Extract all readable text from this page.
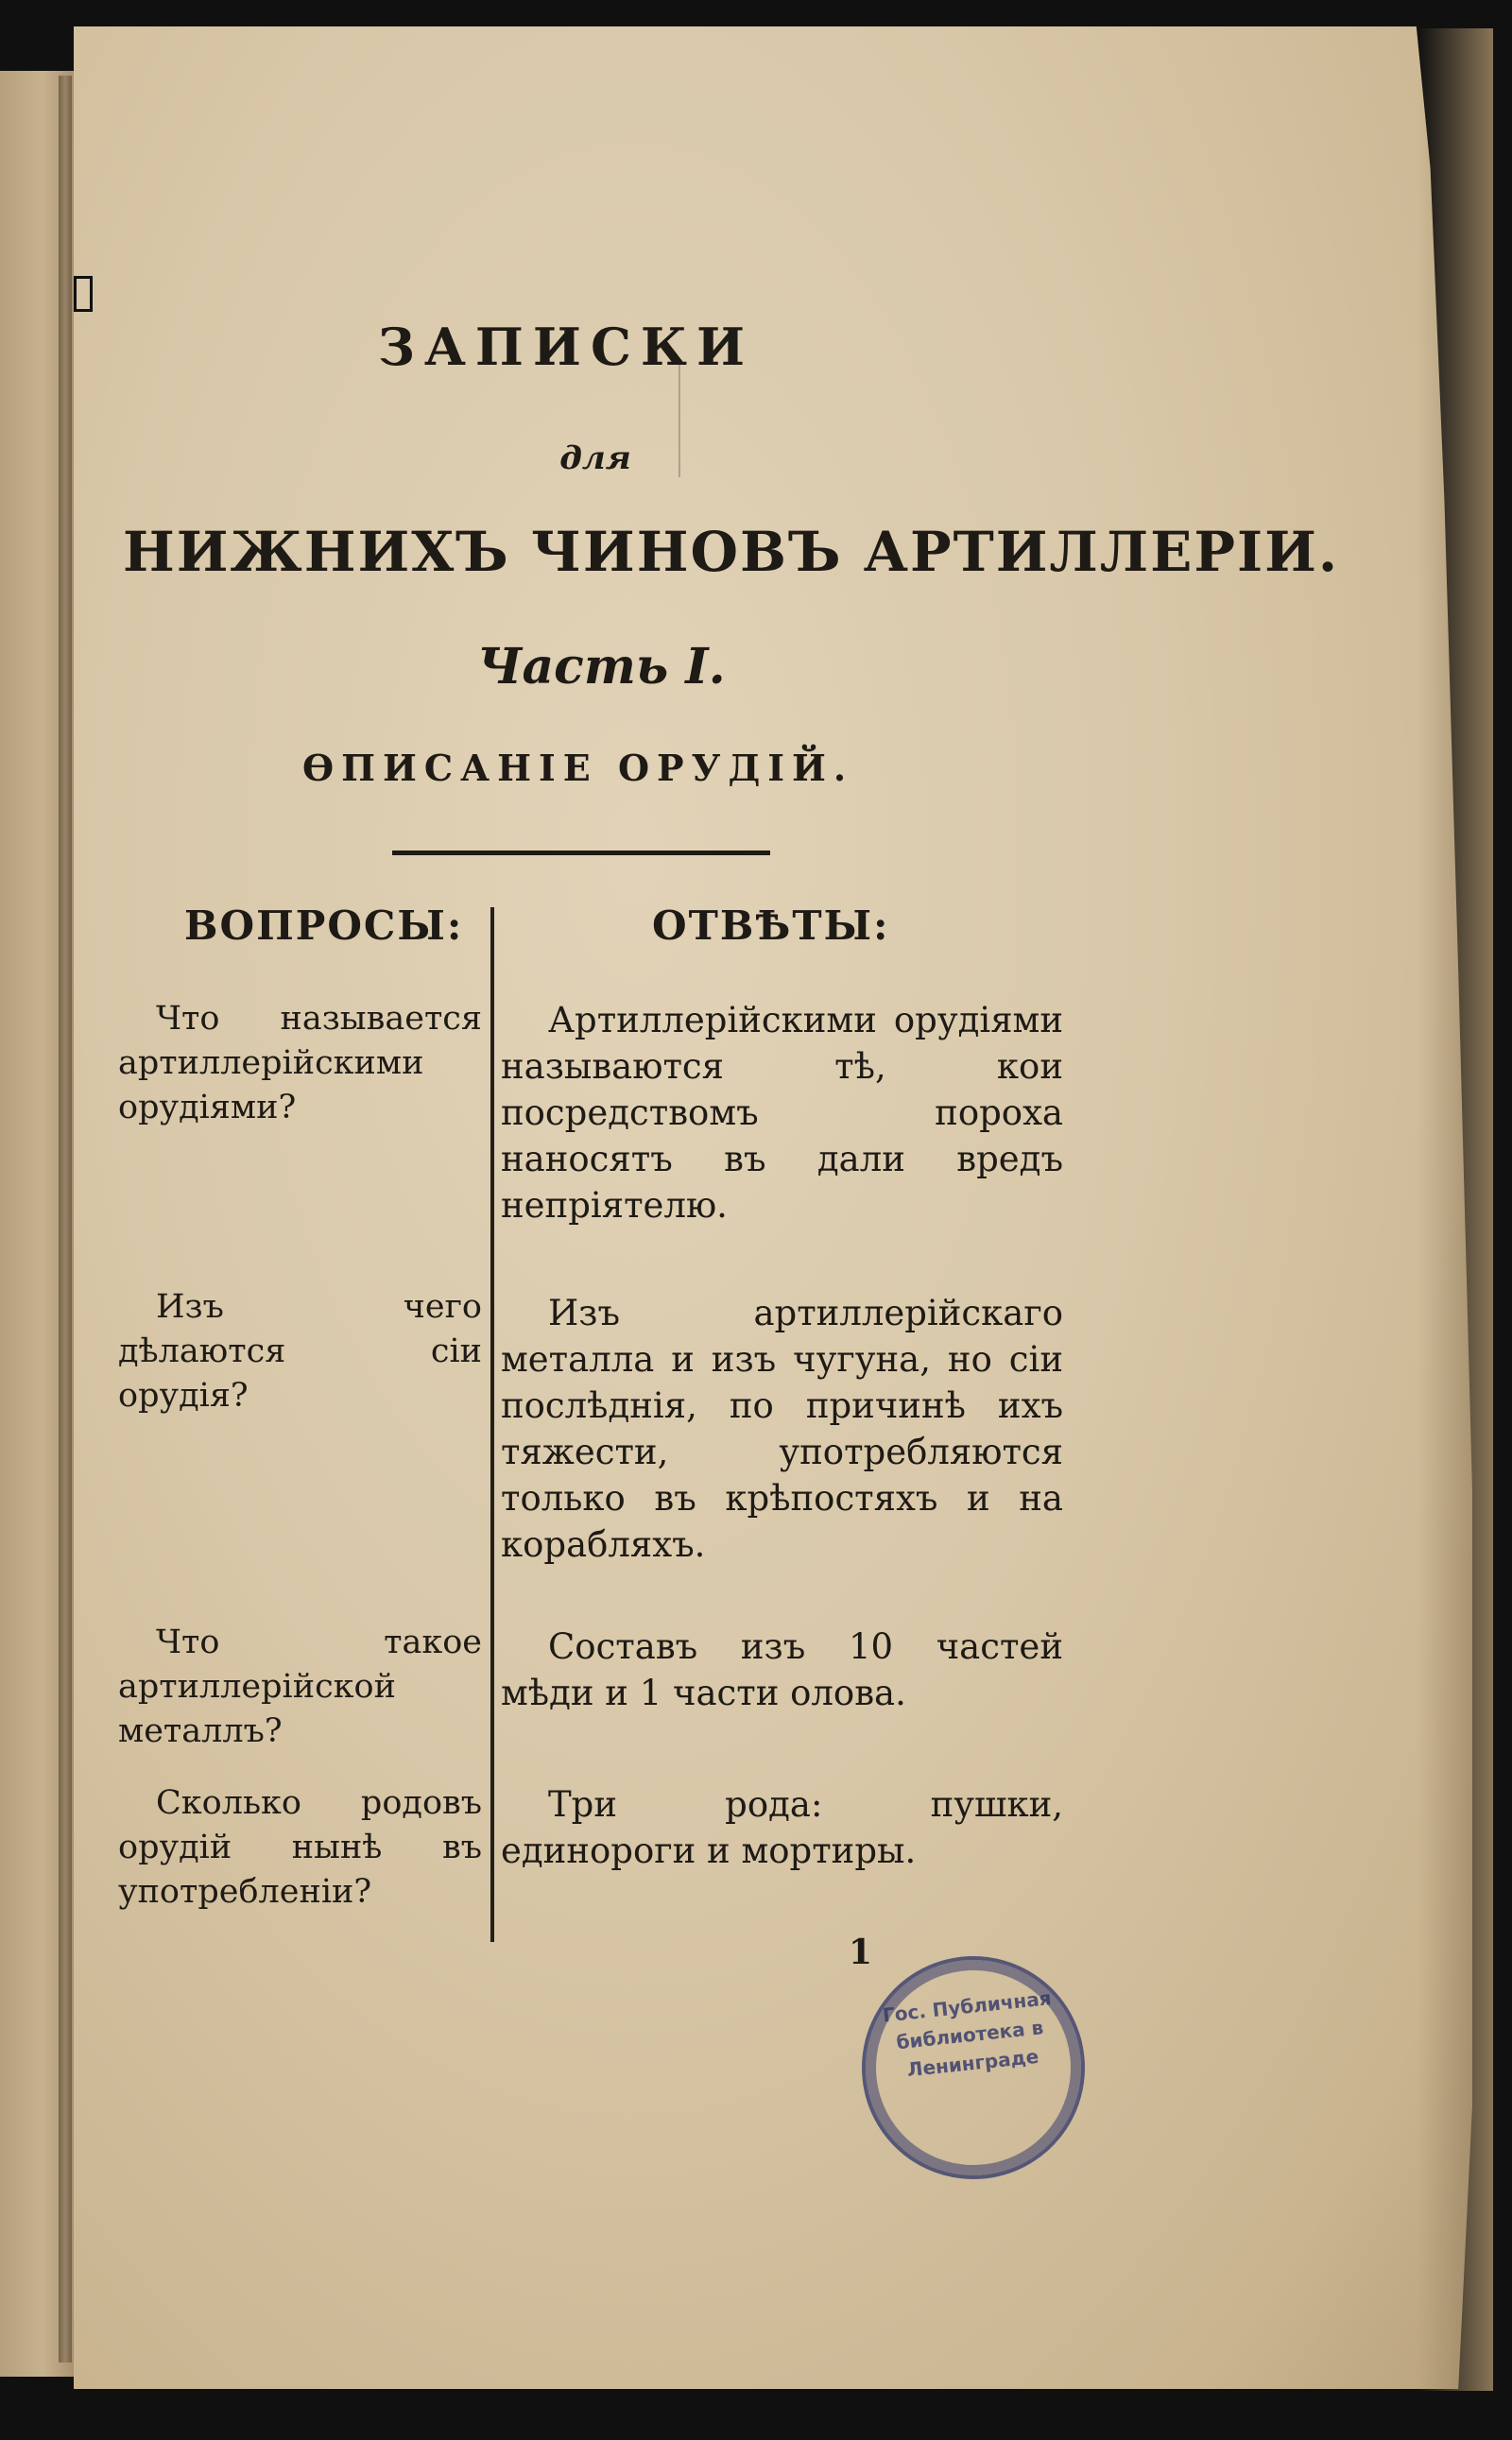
ЗАПИСКИ
для
НИЖНИХЪ ЧИНОВЪ АРТИЛЛЕРІИ.
Часть I.
ѲПИСАНІЕ ОРУДІЙ.
ВОПРОСЫ:	ОТВѢТЫ:
Что называется артиллерійскими орудіями?
Артиллерійскими орудіями называются тѣ, кои посредствомъ пороха наносятъ въ дали вредъ непріятелю.
Изъ чего дѣлаются сіи орудія?
Изъ артиллерійскаго металла и изъ чугуна, но сіи послѣднія, по причинѣ ихъ тяжести, употребляются только въ крѣпостяхъ и на корабляхъ.
Что такое артиллерійской металлъ?
Составъ изъ 10 частей мѣди и 1 части олова.
Сколько родовъ орудій нынѣ въ употребленіи?
Три рода: пушки, единороги и мортиры.
1
Гос. Публичная библиотека в Ленинграде
